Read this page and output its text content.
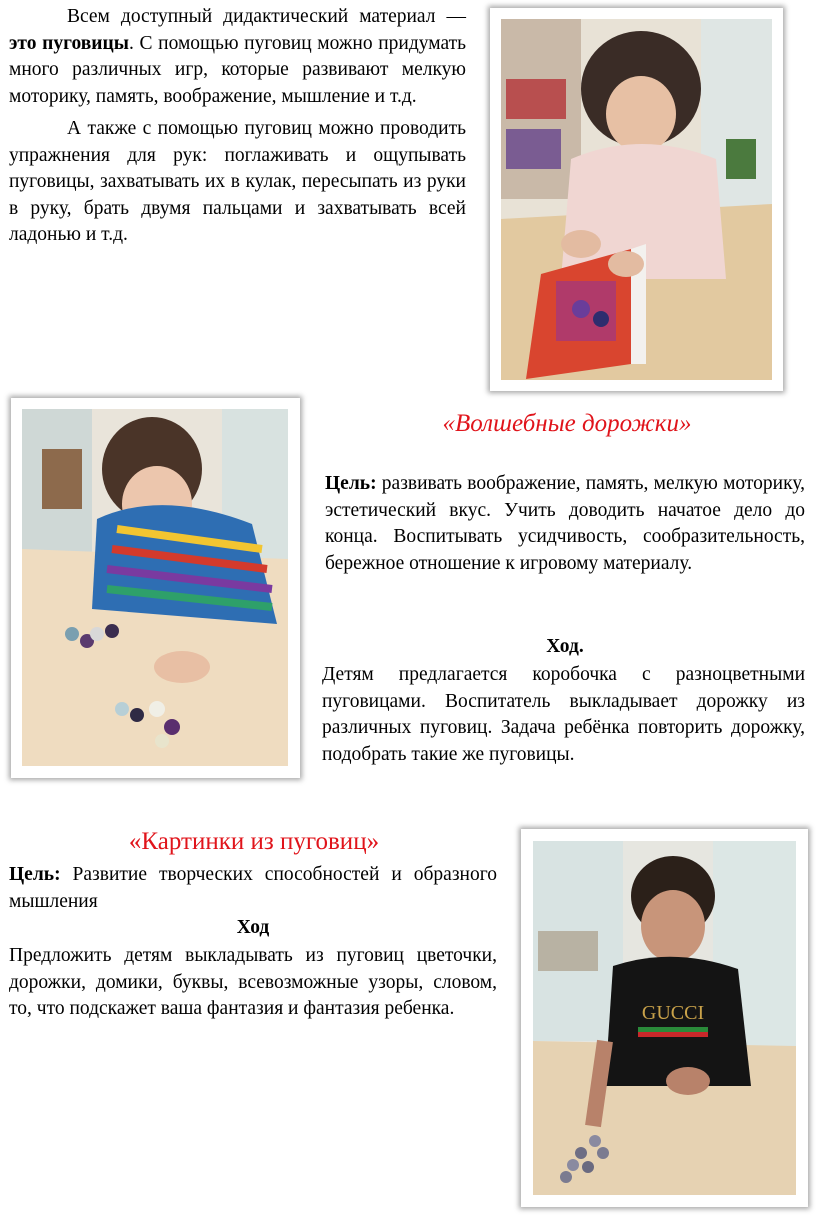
Всем доступный дидактический материал — это пуговицы. С помощью пуговиц можно придумать много различных игр, которые развивают мелкую моторику, память, воображение, мышление и т.д.

А также с помощью пуговиц можно проводить упражнения для рук: поглаживать и ощупывать пуговицы, захватывать их в кулак, пересыпать из руки в руку, брать двумя пальцами и захватывать всей ладонью и т.д.

«Волшебные дорожки»
Цель: развивать воображение, память, мелкую моторику, эстетический вкус. Учить доводить начатое дело до конца. Воспитывать усидчивость, сообразительность, бережное отношение к игровому материалу.
Ход.
Детям предлагается коробочка с разноцветными пуговицами. Воспитатель выкладывает дорожку из различных пуговиц. Задача ребёнка повторить дорожку, подобрать такие же пуговицы.
«Картинки из пуговиц»
Цель: Развитие творческих способностей и образного мышления
Ход
Предложить детям выкладывать из пуговиц цветочки, дорожки, домики, буквы, всевозможные узоры, словом, то, что подскажет ваша фантазия и фантазия ребенка.	GUCCI
